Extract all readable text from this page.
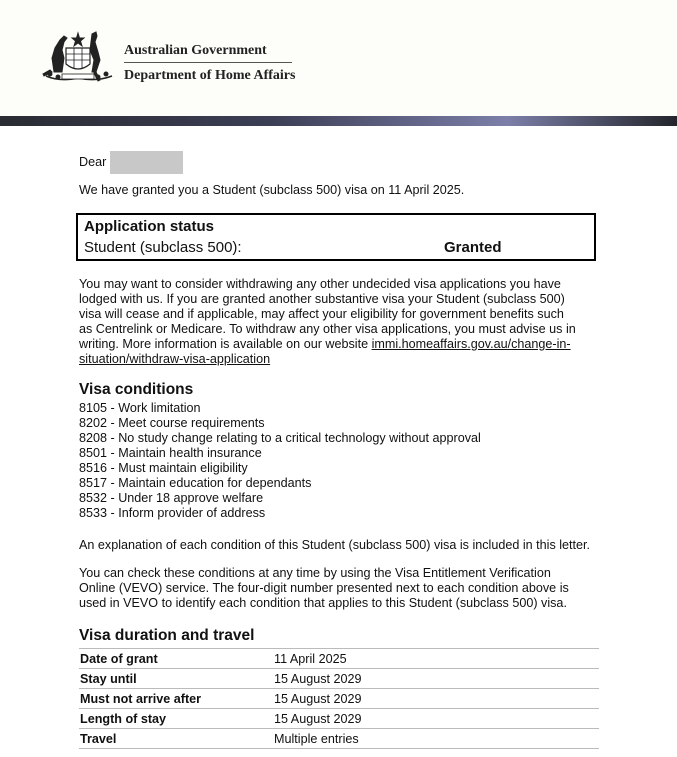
Australian Government
Department of Home Affairs

Dear

We have granted you a Student (subclass 500) visa on 11 April 2025.

Application status
Student (subclass 500):	Granted

You may want to consider withdrawing any other undecided visa applications you have lodged with us. If you are granted another substantive visa your Student (subclass 500) visa will cease and if applicable, may affect your eligibility for government benefits such as Centrelink or Medicare. To withdraw any other visa applications, you must advise us in writing. More information is available on our website immi.homeaffairs.gov.au/change-in-situation/withdraw-visa-application

Visa conditions
8105 - Work limitation
8202 - Meet course requirements
8208 - No study change relating to a critical technology without approval
8501 - Maintain health insurance
8516 - Must maintain eligibility
8517 - Maintain education for dependants
8532 - Under 18 approve welfare
8533 - Inform provider of address

An explanation of each condition of this Student (subclass 500) visa is included in this letter.

You can check these conditions at any time by using the Visa Entitlement Verification Online (VEVO) service. The four-digit number presented next to each condition above is used in VEVO to identify each condition that applies to this Student (subclass 500) visa.

Visa duration and travel
Date of grant	11 April 2025
Stay until	15 August 2029
Must not arrive after	15 August 2029
Length of stay	15 August 2029
Travel	Multiple entries
